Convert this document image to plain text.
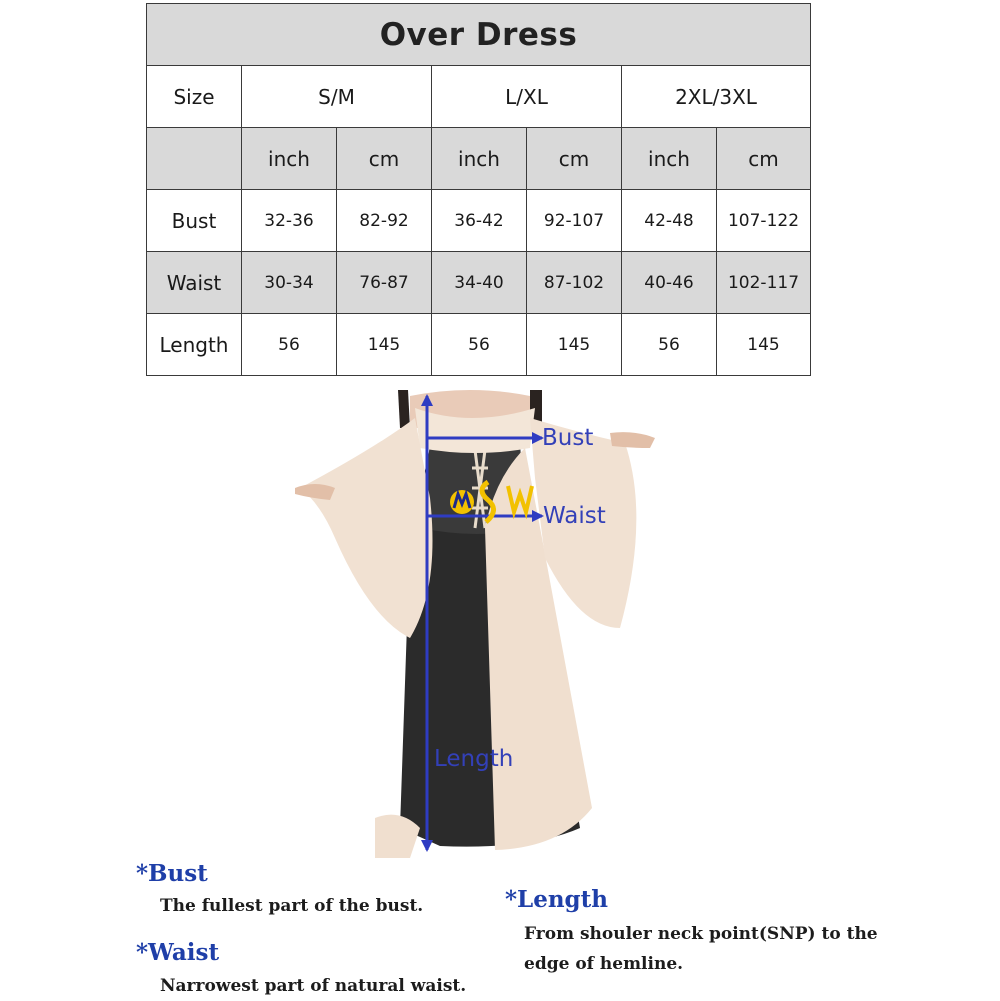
Over Dress						
Size	S/M		L/XL		2XL/3XL	
	inch	cm	inch	cm	inch	cm
Bust	32-36	82-92	36-42	92-107	42-48	107-122
Waist	30-34	76-87	34-40	87-102	40-46	102-117
Length	56	145	56	145	56	145
Bust
Waist
Length
*Bust
The fullest part of the bust.
*Waist
Narrowest part of natural waist.
*Length
From shouler neck point(SNP) to the
edge of hemline.
